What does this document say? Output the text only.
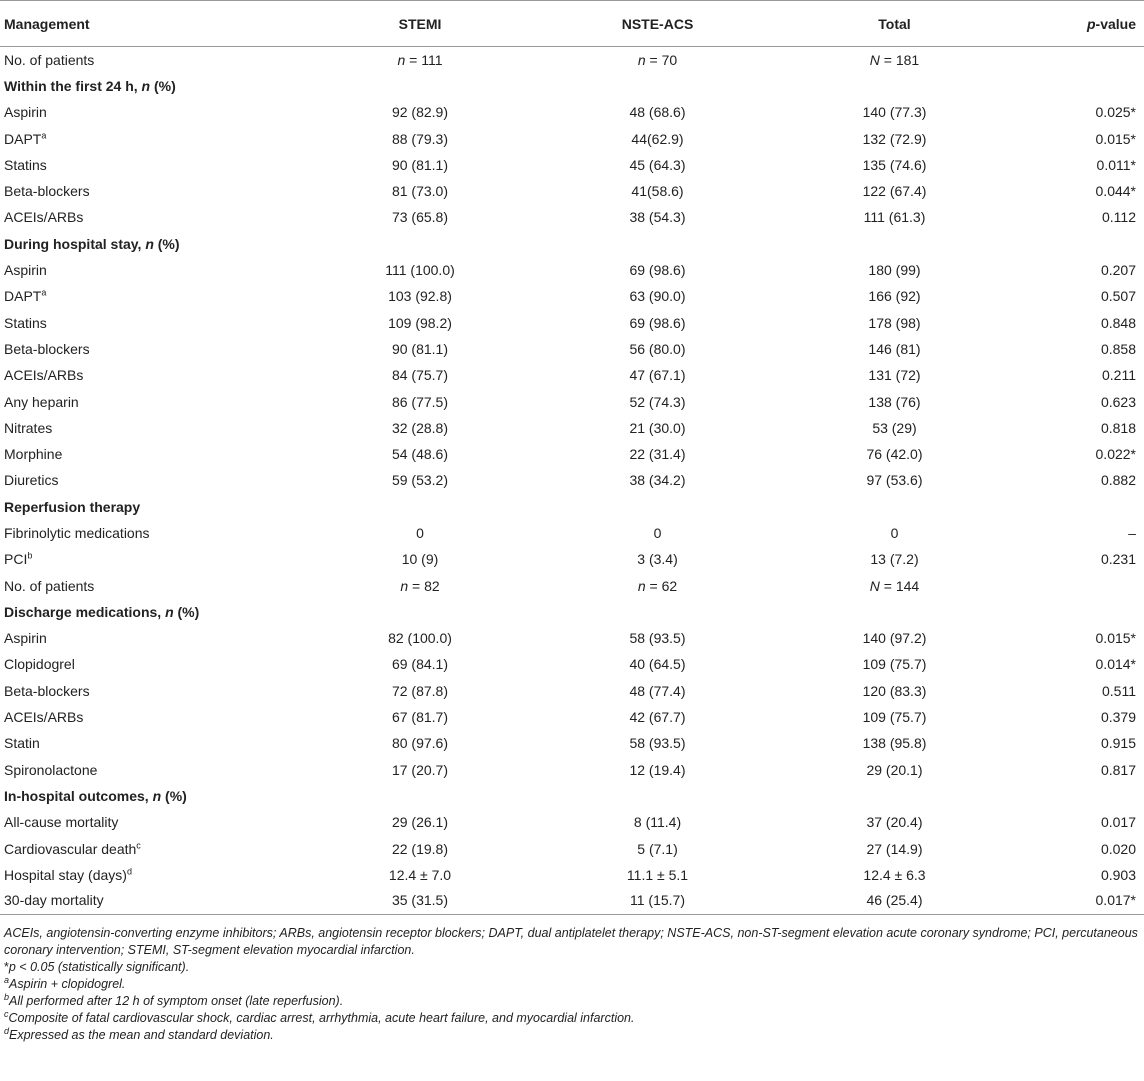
Management	STEMI	NSTE-ACS	Total	p-value
No. of patients	n = 111	n = 70	N = 181	
Within the first 24 h, n (%)				
Aspirin	92 (82.9)	48 (68.6)	140 (77.3)	0.025*
DAPT$^a$	88 (79.3)	44(62.9)	132 (72.9)	0.015*
Statins	90 (81.1)	45 (64.3)	135 (74.6)	0.011*
Beta-blockers	81 (73.0)	41(58.6)	122 (67.4)	0.044*
ACEIs/ARBs	73 (65.8)	38 (54.3)	111 (61.3)	0.112
During hospital stay, n (%)				
Aspirin	111 (100.0)	69 (98.6)	180 (99)	0.207
DAPT$^a$	103 (92.8)	63 (90.0)	166 (92)	0.507
Statins	109 (98.2)	69 (98.6)	178 (98)	0.848
Beta-blockers	90 (81.1)	56 (80.0)	146 (81)	0.858
ACEIs/ARBs	84 (75.7)	47 (67.1)	131 (72)	0.211
Any heparin	86 (77.5)	52 (74.3)	138 (76)	0.623
Nitrates	32 (28.8)	21 (30.0)	53 (29)	0.818
Morphine	54 (48.6)	22 (31.4)	76 (42.0)	0.022*
Diuretics	59 (53.2)	38 (34.2)	97 (53.6)	0.882
Reperfusion therapy				
Fibrinolytic medications	0	0	0	–
PCI$^b$	10 (9)	3 (3.4)	13 (7.2)	0.231
No. of patients	n = 82	n = 62	N = 144	
Discharge medications, n (%)				
Aspirin	82 (100.0)	58 (93.5)	140 (97.2)	0.015*
Clopidogrel	69 (84.1)	40 (64.5)	109 (75.7)	0.014*
Beta-blockers	72 (87.8)	48 (77.4)	120 (83.3)	0.511
ACEIs/ARBs	67 (81.7)	42 (67.7)	109 (75.7)	0.379
Statin	80 (97.6)	58 (93.5)	138 (95.8)	0.915
Spironolactone	17 (20.7)	12 (19.4)	29 (20.1)	0.817
In-hospital outcomes, n (%)				
All-cause mortality	29 (26.1)	8 (11.4)	37 (20.4)	0.017
Cardiovascular death$^c$	22 (19.8)	5 (7.1)	27 (14.9)	0.020
Hospital stay (days)$^d$	12.4 ± 7.0	11.1 ± 5.1	12.4 ± 6.3	0.903
30-day mortality	35 (31.5)	11 (15.7)	46 (25.4)	0.017*
ACEIs, angiotensin-converting enzyme inhibitors; ARBs, angiotensin receptor blockers; DAPT, dual antiplatelet therapy; NSTE-ACS, non-ST-segment elevation acute coronary syndrome; PCI, percutaneous coronary intervention; STEMI, ST-segment elevation myocardial infarction.
*p < 0.05 (statistically significant).
$^a$Aspirin + clopidogrel.
$^b$All performed after 12 h of symptom onset (late reperfusion).
$^c$Composite of fatal cardiovascular shock, cardiac arrest, arrhythmia, acute heart failure, and myocardial infarction.
$^d$Expressed as the mean and standard deviation.
